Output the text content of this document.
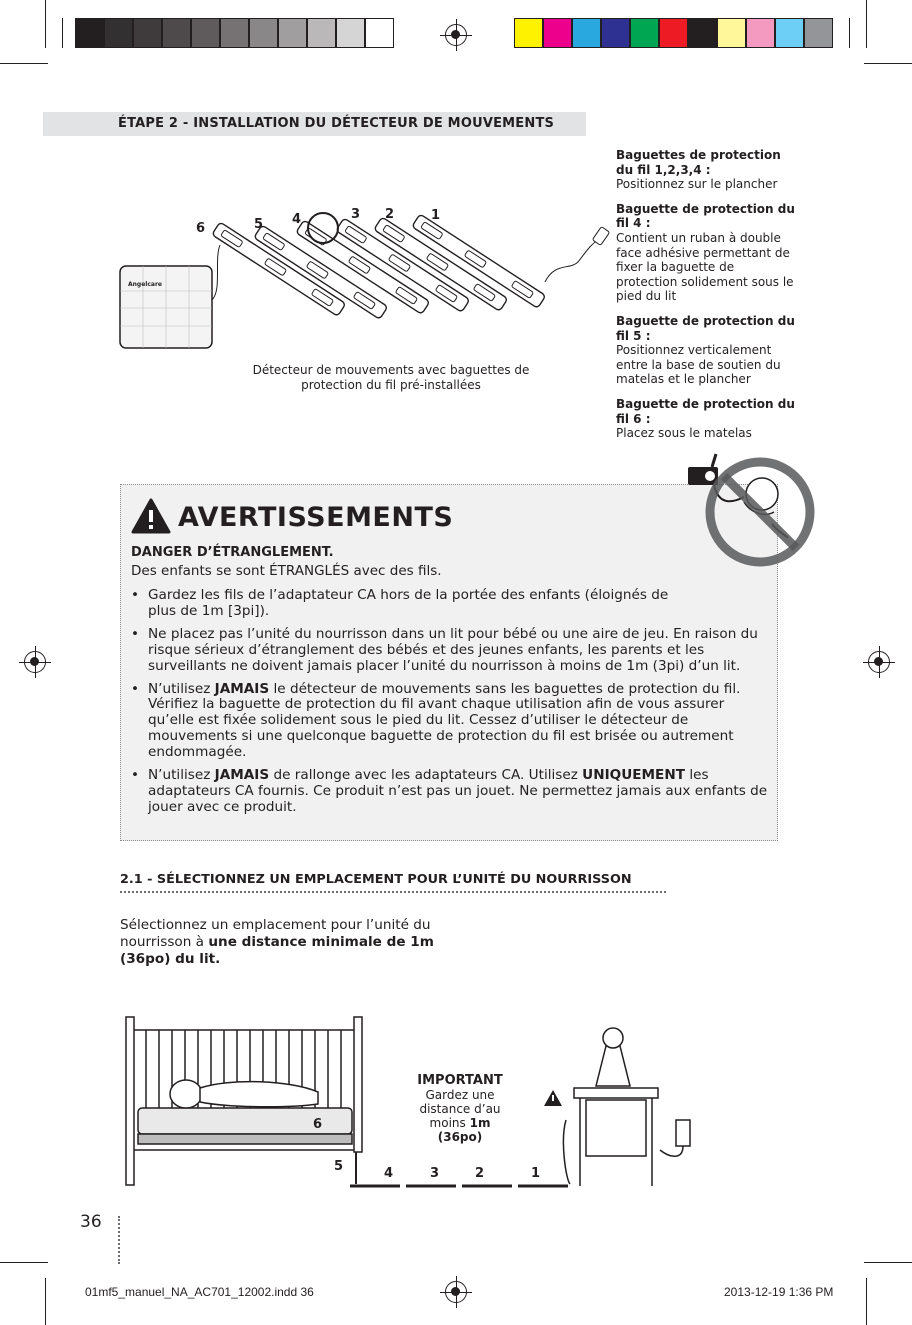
ÉTAPE 2 - INSTALLATION DU DÉTECTEUR DE MOUVEMENTS
Angelcare
6	5 4	3 2	1
Détecteur de mouvements avec baguettes de protection du fil pré-installées
Baguettes de protection du fil 1,2,3,4 :
Positionnez sur le plancher
Baguette de protection du fil 4 :
Contient un ruban à double face adhésive permettant de fixer la baguette de protection solidement sous le pied du lit
Baguette de protection du fil 5 :
Positionnez verticalement entre la base de soutien du matelas et le plancher
Baguette de protection du fil 6 :
Placez sous le matelas
AVERTISSEMENTS
DANGER D’ÉTRANGLEMENT.
Des enfants se sont ÉTRANGLÉS avec des fils.
• Gardez les fils de l’adaptateur CA hors de la portée des enfants (éloignés de plus de 1m [3pi]).
• Ne placez pas l’unité du nourrisson dans un lit pour bébé ou une aire de jeu. En raison du risque sérieux d’étranglement des bébés et des jeunes enfants, les parents et les surveillants ne doivent jamais placer l’unité du nourrisson à moins de 1m (3pi) d’un lit.
• N’utilisez JAMAIS le détecteur de mouvements sans les baguettes de protection du fil. Vérifiez la baguette de protection du fil avant chaque utilisation afin de vous assurer qu’elle est fixée solidement sous le pied du lit. Cessez d’utiliser le détecteur de mouvements si une quelconque baguette de protection du fil est brisée ou autrement endommagée.
• N’utilisez JAMAIS de rallonge avec les adaptateurs CA. Utilisez UNIQUEMENT les adaptateurs CA fournis. Ce produit n’est pas un jouet. Ne permettez jamais aux enfants de jouer avec ce produit.
2.1 - SÉLECTIONNEZ UN EMPLACEMENT POUR L’UNITÉ DU NOURRISSON
Sélectionnez un emplacement pour l’unité du nourrisson à une distance minimale de 1m (36po) du lit.
6
5	4	3	2	1
IMPORTANT
Gardez une distance d’au moins 1m
(36po)
36
01mf5_manuel_NA_AC701_12002.indd 36	2013-12-19 1:36 PM
